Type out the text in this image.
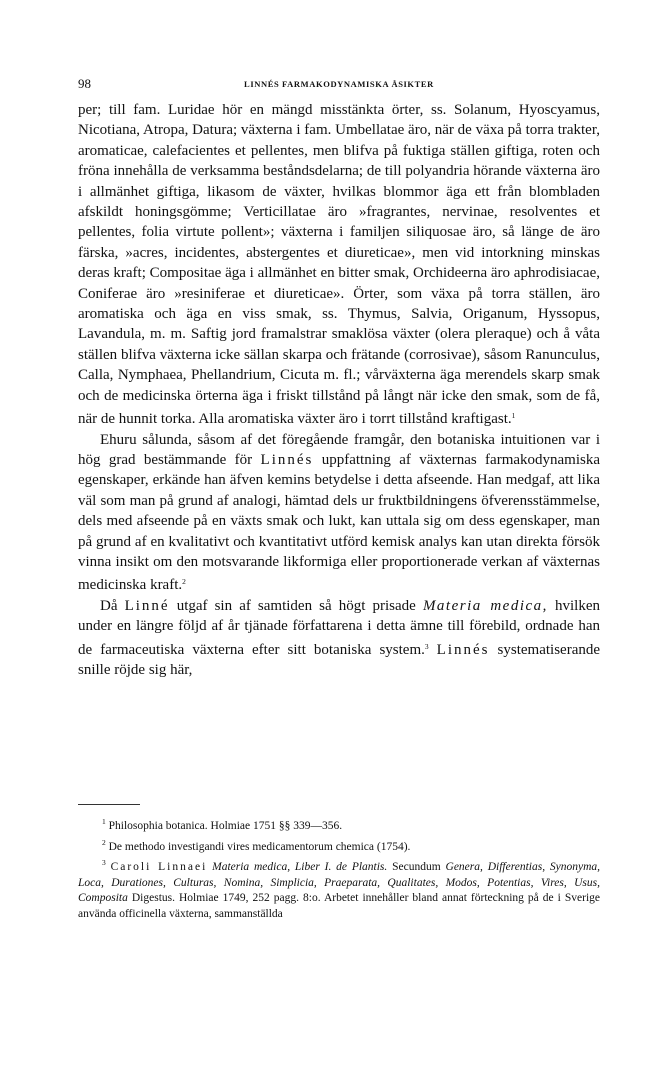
98	LINNÉS FARMAKODYNAMISKA ÅSIKTER

per; till fam. Luridae hör en mängd misstänkta örter, ss. Solanum, Hyoscyamus, Nicotiana, Atropa, Datura; växterna i fam. Umbellatae äro, när de växa på torra trakter, aromaticae, calefacientes et pellentes, men blifva på fuktiga ställen giftiga, roten och fröna innehålla de verksamma beståndsdelarna; de till polyandria hörande växterna äro i allmänhet giftiga, likasom de växter, hvilkas blommor äga ett från blombladen afskildt honingsgömme; Verticillatae äro »fragrantes, nervinae, resolventes et pellentes, folia virtute pollent»; växterna i familjen siliquosae äro, så länge de äro färska, »acres, incidentes, abstergentes et diureticae», men vid intorkning minskas deras kraft; Compositae äga i allmänhet en bitter smak, Orchideerna äro aphrodisiacae, Coniferae äro »resiniferae et diureticae». Örter, som växa på torra ställen, äro aromatiska och äga en viss smak, ss. Thymus, Salvia, Origanum, Hyssopus, Lavandula, m. m. Saftig jord framalstrar smaklösa växter (olera pleraque) och å våta ställen blifva växterna icke sällan skarpa och frätande (corrosivae), såsom Ranunculus, Calla, Nymphaea, Phellandrium, Cicuta m. fl.; vårväxterna äga merendels skarp smak och de medicinska örterna äga i friskt tillstånd på långt när icke den smak, som de få, när de hunnit torka. Alla aromatiska växter äro i torrt tillstånd kraftigast.$^1$

Ehuru sålunda, såsom af det föregående framgår, den botaniska intuitionen var i hög grad bestämmande för Linnés uppfattning af växternas farmakodynamiska egenskaper, erkände han äfven kemins betydelse i detta afseende. Han medgaf, att lika väl som man på grund af analogi, hämtad dels ur fruktbildningens öfverensstämmelse, dels med afseende på en växts smak och lukt, kan uttala sig om dess egenskaper, man på grund af en kvalitativt och kvantitativt utförd kemisk analys kan utan direkta försök vinna insikt om den motsvarande likformiga eller proportionerade verkan af växternas medicinska kraft.$^2$

Då Linné utgaf sin af samtiden så högt prisade Materia medica, hvilken under en längre följd af år tjänade författarena i detta ämne till förebild, ordnade han de farmaceutiska växterna efter sitt botaniska system.$^3$ Linnés systematiserande snille röjde sig här,

$^1$ Philosophia botanica. Holmiae 1751 §§ 339—356.

$^2$ De methodo investigandi vires medicamentorum chemica (1754).

$^3$ Caroli Linnaei Materia medica, Liber I. de Plantis. Secundum Genera, Differentias, Synonyma, Loca, Durationes, Culturas, Nomina, Simplicia, Praeparata, Qualitates, Modos, Potentias, Vires, Usus, Composita Digestus. Holmiae 1749, 252 pagg. 8:o. Arbetet innehåller bland annat förteckning på de i Sverige använda officinella växterna, sammanställda
